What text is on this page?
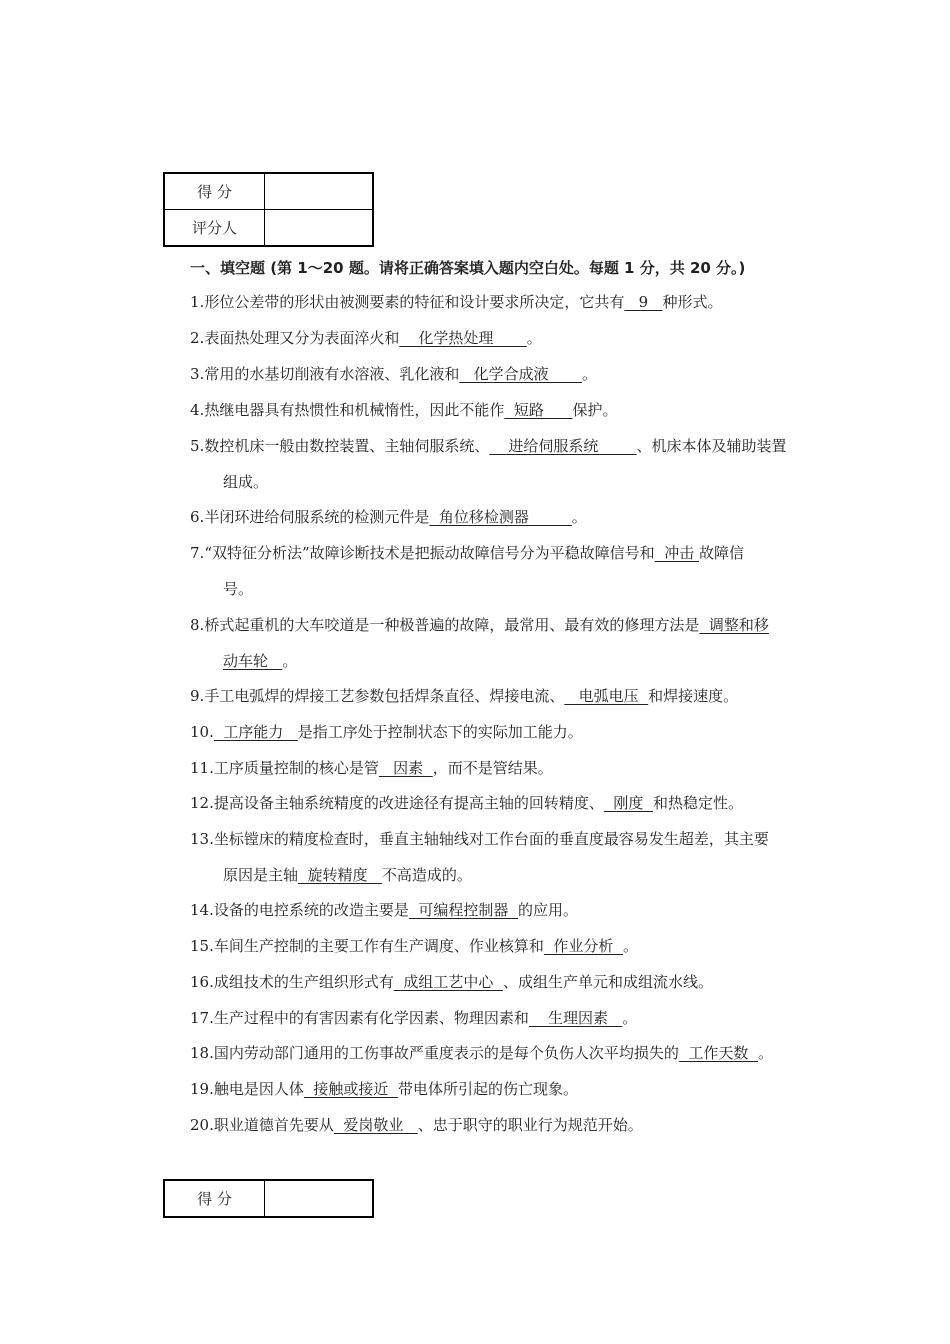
得 分	
评分人	
一、填空题 (第 1～20 题。请将正确答案填入题内空白处。每题 1 分，共 20 分。)
1.形位公差带的形状由被测要素的特征和设计要求所决定，它共有   9   种形式。
2.表面热处理又分为表面淬火和    化学热处理       。
3.常用的水基切削液有水溶液、乳化液和   化学合成液       。
4.热继电器具有热惯性和机械惰性，因此不能作  短路      保护。
5.数控机床一般由数控装置、主轴伺服系统、    进给伺服系统        、机床本体及辅助装置
组成。
6.半闭环进给伺服系统的检测元件是  角位移检测器         。
7.“双特征分析法”故障诊断技术是把振动故障信号分为平稳故障信号和  冲击 故障信
号。
8.桥式起重机的大车咬道是一种极普遍的故障，最常用、最有效的修理方法是  调整和移
动车轮   。
9.手工电弧焊的焊接工艺参数包括焊条直径、焊接电流、   电弧电压  和焊接速度。
10.  工序能力   是指工序处于控制状态下的实际加工能力。
11.工序质量控制的核心是管   因素  ，而不是管结果。
12.提高设备主轴系统精度的改进途径有提高主轴的回转精度、  刚度  和热稳定性。
13.坐标镗床的精度检查时，垂直主轴轴线对工作台面的垂直度最容易发生超差，其主要
原因是主轴  旋转精度   不高造成的。
14.设备的电控系统的改造主要是  可编程控制器  的应用。
15.车间生产控制的主要工作有生产调度、作业核算和  作业分析  。
16.成组技术的生产组织形式有  成组工艺中心  、成组生产单元和成组流水线。
17.生产过程中的有害因素有化学因素、物理因素和    生理因素   。
18.国内劳动部门通用的工伤事故严重度表示的是每个负伤人次平均损失的  工作天数  。
19.触电是因人体  接触或接近  带电体所引起的伤亡现象。
20.职业道德首先要从  爱岗敬业   、忠于职守的职业行为规范开始。
得 分	
